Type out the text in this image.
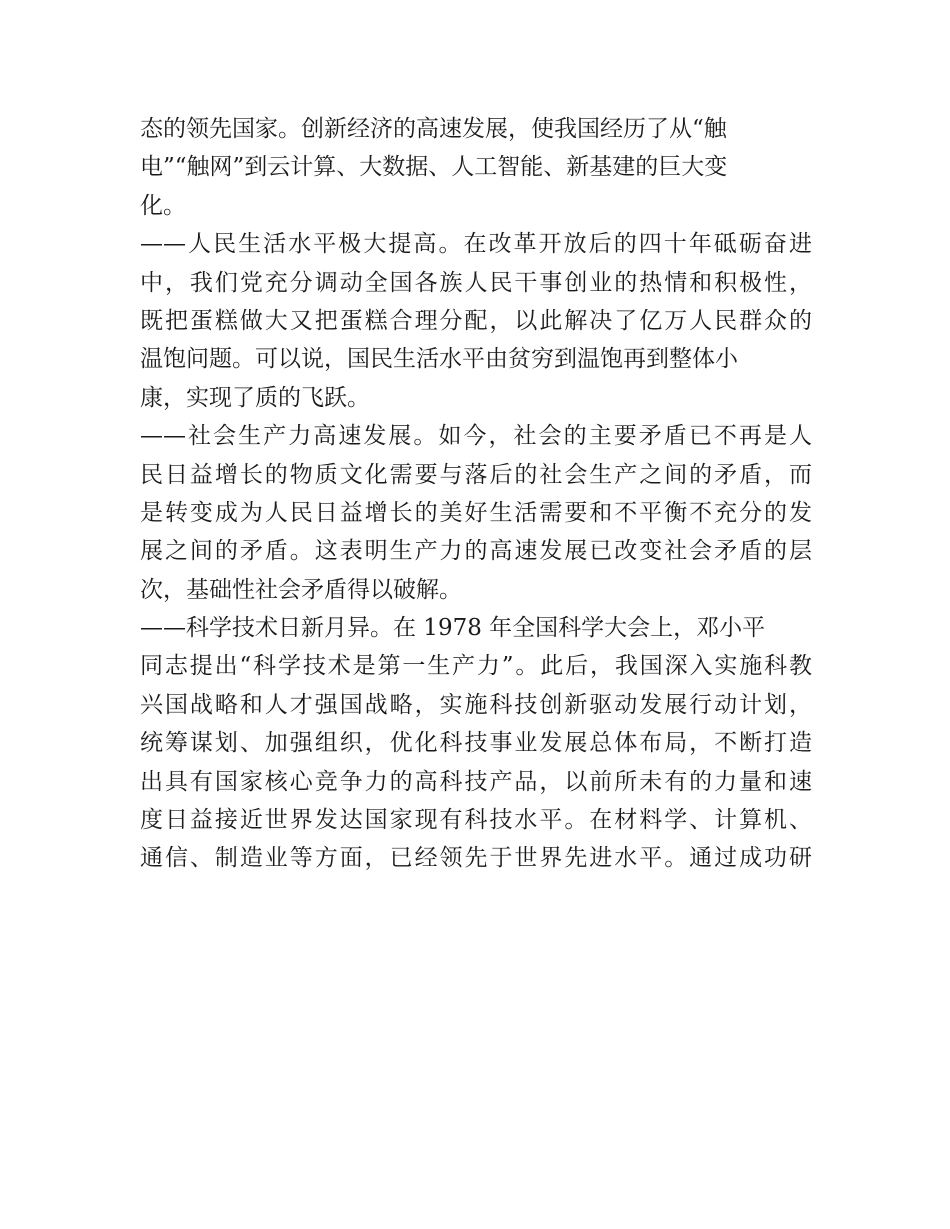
态的领先国家。创新经济的高速发展，使我国经历了从“触
电”“触网”到云计算、大数据、人工智能、新基建的巨大变
化。
——人民生活水平极大提高。在改革开放后的四十年砥砺奋进
中，我们党充分调动全国各族人民干事创业的热情和积极性，
既把蛋糕做大又把蛋糕合理分配，以此解决了亿万人民群众的
温饱问题。可以说，国民生活水平由贫穷到温饱再到整体小
康，实现了质的飞跃。
——社会生产力高速发展。如今，社会的主要矛盾已不再是人
民日益增长的物质文化需要与落后的社会生产之间的矛盾，而
是转变成为人民日益增长的美好生活需要和不平衡不充分的发
展之间的矛盾。这表明生产力的高速发展已改变社会矛盾的层
次，基础性社会矛盾得以破解。
——科学技术日新月异。在 1978 年全国科学大会上，邓小平
同志提出“科学技术是第一生产力”。此后，我国深入实施科教
兴国战略和人才强国战略，实施科技创新驱动发展行动计划，
统筹谋划、加强组织，优化科技事业发展总体布局，不断打造
出具有国家核心竞争力的高科技产品，以前所未有的力量和速
度日益接近世界发达国家现有科技水平。在材料学、计算机、
通信、制造业等方面，已经领先于世界先进水平。通过成功研
